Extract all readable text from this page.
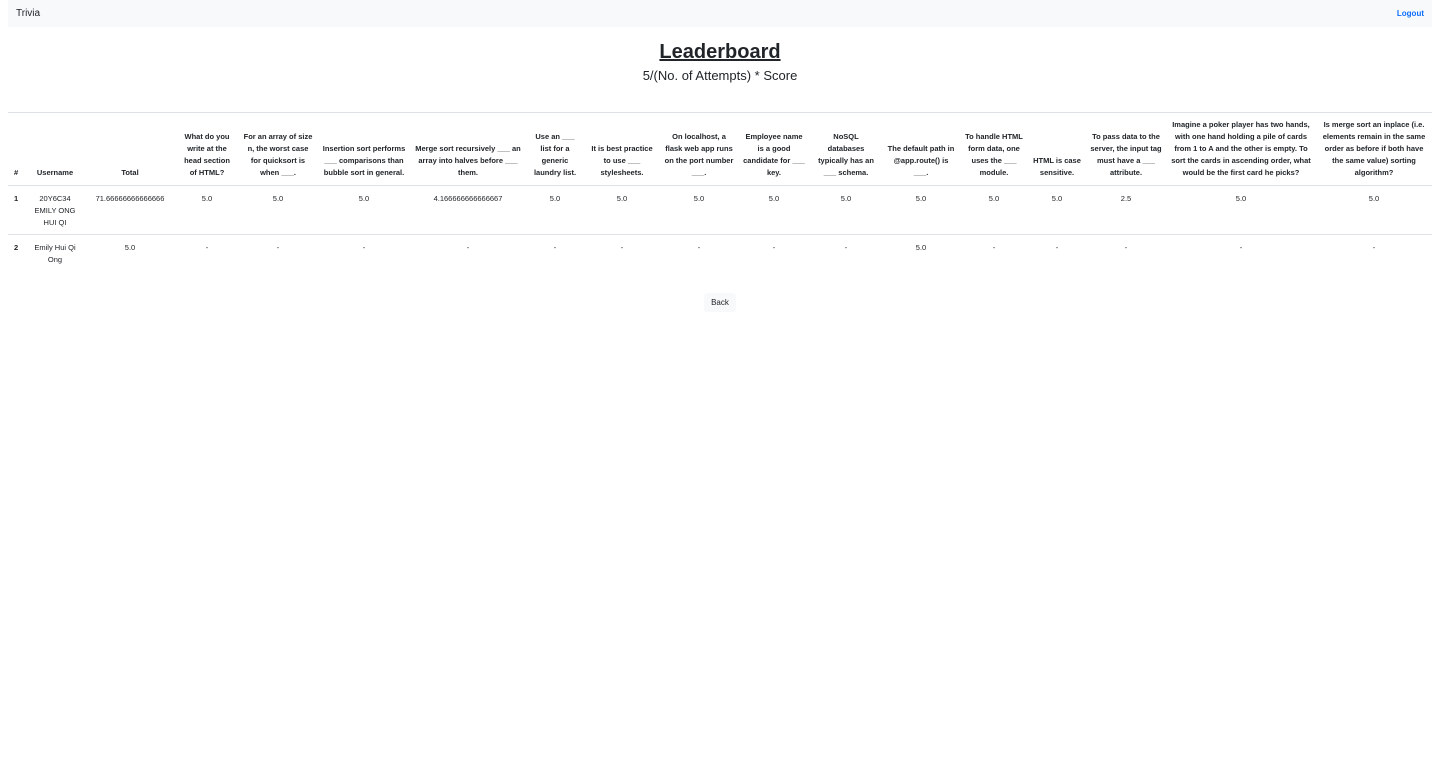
Trivia	Logout
Leaderboard

5/(No. of Attempts) * Score

#	Username	Total	What do you write at the head section of HTML?	For an array of size n, the worst case for quicksort is when ___.	Insertion sort performs ___ comparisons than bubble sort in general.	Merge sort recursively ___ an array into halves before ___ them.	Use an ___ list for a generic laundry list.	It is best practice to use ___ stylesheets.	On localhost, a flask web app runs on the port number ___.	Employee name is a good candidate for ___ key.	NoSQL databases typically has an ___ schema.	The default path in @app.route() is ___.	To handle HTML form data, one uses the ___ module.	HTML is case sensitive.	To pass data to the server, the input tag must have a ___ attribute.	Imagine a poker player has two hands, with one hand holding a pile of cards from 1 to A and the other is empty. To sort the cards in ascending order, what would be the first card he picks?	Is merge sort an inplace (i.e. elements remain in the same order as before if both have the same value) sorting algorithm?
1	20Y6C34 EMILY ONG HUI QI	71.66666666666666	5.0	5.0	5.0	4.166666666666667	5.0	5.0	5.0	5.0	5.0	5.0	5.0	5.0	2.5	5.0	5.0
2	Emily Hui Qi Ong	5.0	-	-	-	-	-	-	-	-	-	5.0	-	-	-	-	-
Back
